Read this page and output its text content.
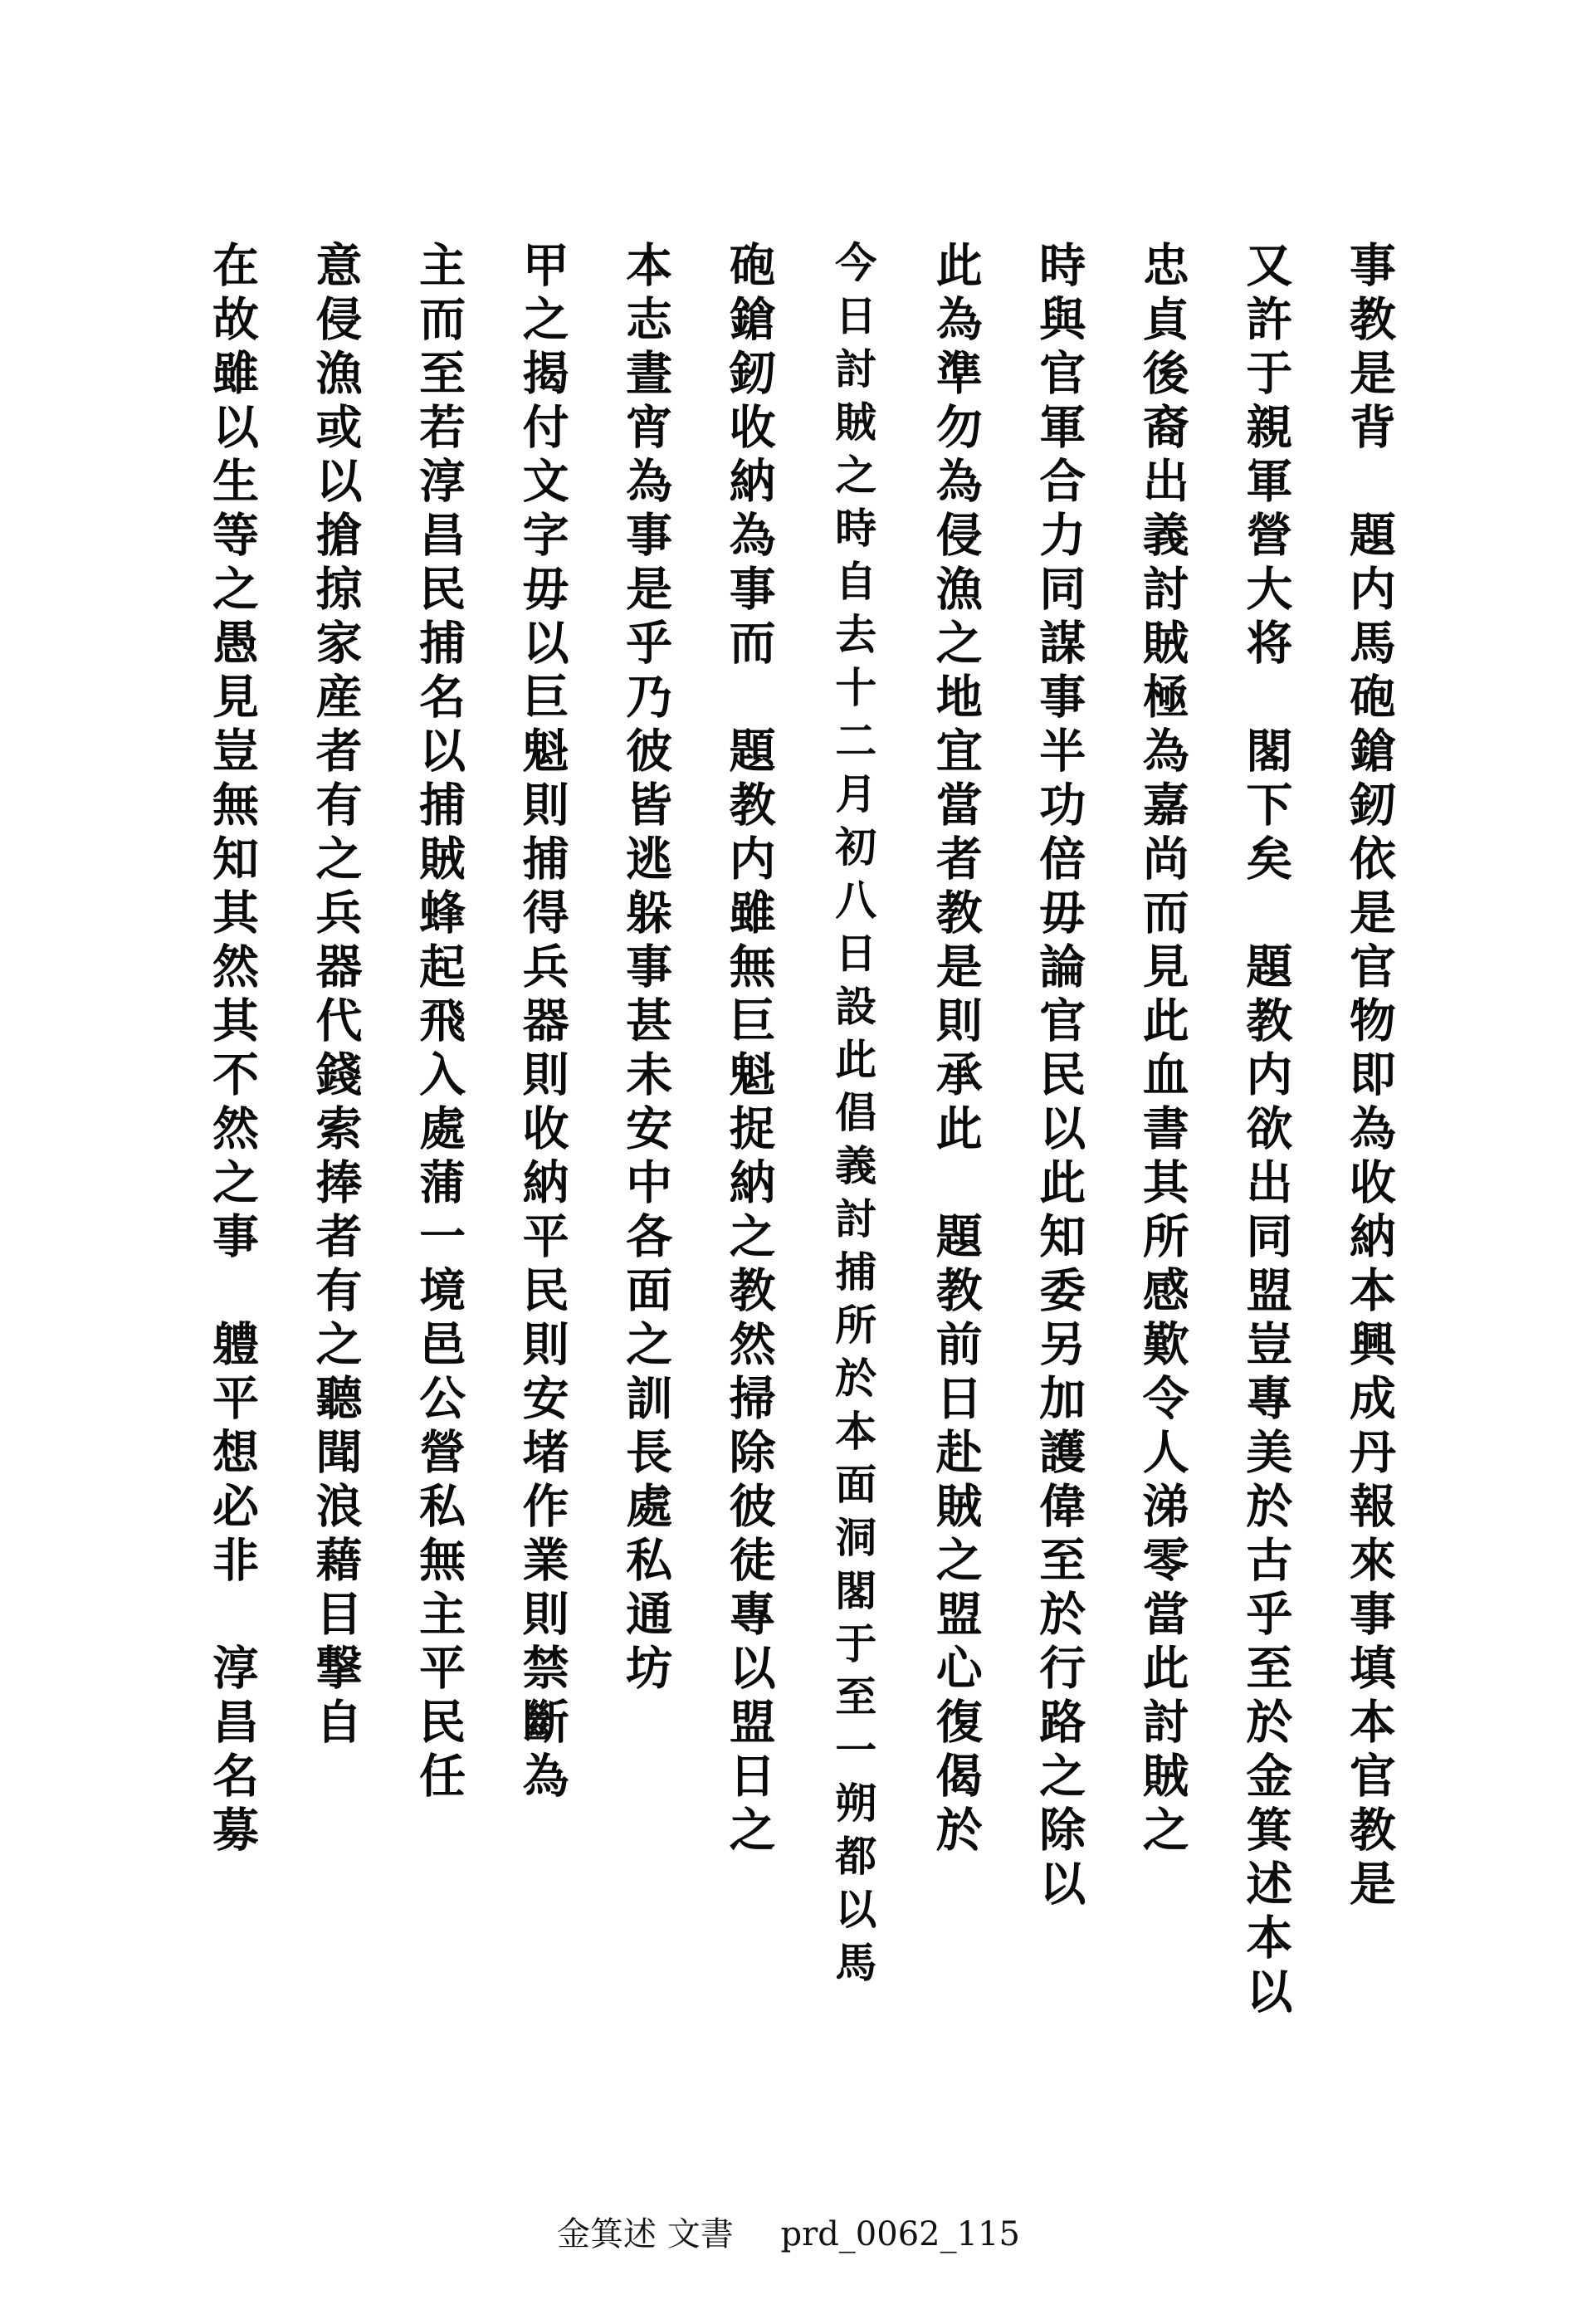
事教是背　題内馬砲鎗釰依是官物即為收納本興成丹報來事填本官教是
又許于親軍營大将　閣下矣　題教内欲出同盟豈專美於古乎至於金箕述本以
忠貞後裔出義討賊極為嘉尚而見此血書其所感歎令人涕零當此討賊之
時與官軍合力同謀事半功倍毋論官民以此知委另加護偉至於行路之除以
此為準勿為侵漁之地宜當者教是則承此　題教前日赴賊之盟心復偈於
今日討賊之時自去十二月初八日設此倡義討捕所於本面洞閣于至一朔都以馬
砲鎗釰收納為事而　題教内雖無巨魁捉納之教然掃除彼徒專以盟日之
本志晝宵為事是乎乃彼皆逃躲事甚未安中各面之訓長處私通坊
甲之揭付文字毋以巨魁則捕得兵器則收納平民則安堵作業則禁斷為
主而至若淳昌民捕名以捕賊蜂起飛入處蒲一境邑公營私無主平民任
意侵漁或以搶掠家産者有之兵器代錢索捧者有之聽聞浪藉目撃自
在故雖以生等之愚見豈無知其然其不然之事　軆平想必非　淳昌名募
金箕述 文書 prd_0062_115
